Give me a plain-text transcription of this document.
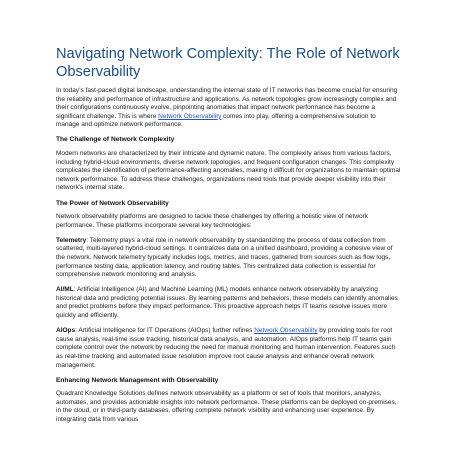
Navigating Network Complexity: The Role of Network Observability

In today’s fast-paced digital landscape, understanding the internal state of IT networks has become crucial for ensuring the reliability and performance of infrastructure and applications. As network topologies grow increasingly complex and their configurations continuously evolve, pinpointing anomalies that impact network performance has become a significant challenge. This is where Network Observability comes into play, offering a comprehensive solution to manage and optimize network performance.

The Challenge of Network Complexity

Modern networks are characterized by their intricate and dynamic nature. The complexity arises from various factors, including hybrid-cloud environments, diverse network topologies, and frequent configuration changes. This complexity complicates the identification of performance-affecting anomalies, making it difficult for organizations to maintain optimal network performance. To address these challenges, organizations need tools that provide deeper visibility into their network’s internal state.

The Power of Network Observability

Network observability platforms are designed to tackle these challenges by offering a holistic view of network performance. These platforms incorporate several key technologies:

Telemetry: Telemetry plays a vital role in network observability by standardizing the process of data collection from scattered, multi-layered hybrid-cloud settings. It centralizes data on a unified dashboard, providing a cohesive view of the network. Network telemetry typically includes logs, metrics, and traces, gathered from sources such as flow logs, performance testing data, application latency, and routing tables. This centralized data collection is essential for comprehensive network monitoring and analysis.

AI/ML: Artificial Intelligence (AI) and Machine Learning (ML) models enhance network observability by analyzing historical data and predicting potential issues. By learning patterns and behaviors, these models can identify anomalies and predict problems before they impact performance. This proactive approach helps IT teams resolve issues more quickly and efficiently.

AIOps: Artificial Intelligence for IT Operations (AIOps) further refines Network Observability by providing tools for root cause analysis, real-time issue tracking, historical data analysis, and automation. AIOps platforms help IT teams gain complete control over the network by reducing the need for manual monitoring and human intervention. Features such as real-time tracking and automated issue resolution improve root cause analysis and enhance overall network management.

Enhancing Network Management with Observability

Quadrant Knowledge Solutions defines network observability as a platform or set of tools that monitors, analyzes, automates, and provides actionable insights into network performance. These platforms can be deployed on-premises, in the cloud, or in third-party databases, offering complete network visibility and enhancing user experience. By integrating data from various
